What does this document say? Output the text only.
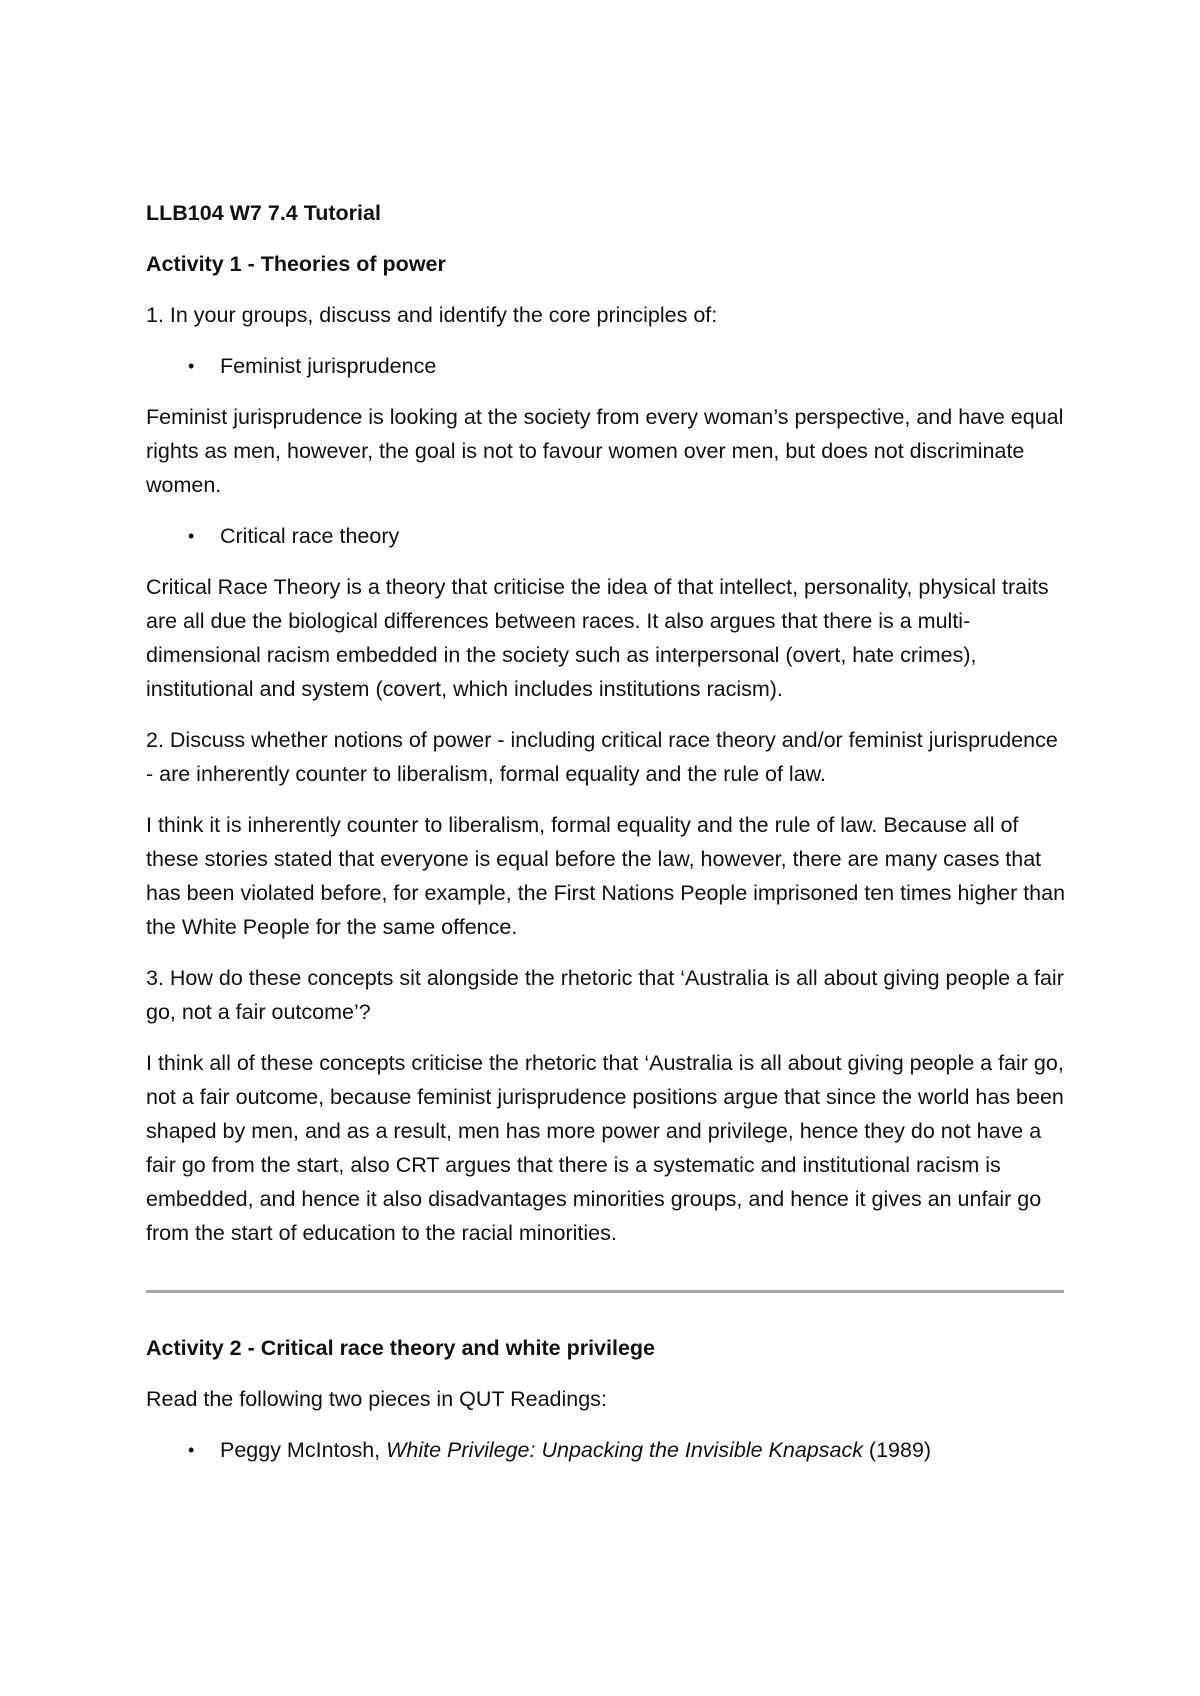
LLB104 W7 7.4 Tutorial

Activity 1 - Theories of power

1. In your groups, discuss and identify the core principles of:

• Feminist jurisprudence

Feminist jurisprudence is looking at the society from every woman’s perspective, and have equal rights as men, however, the goal is not to favour women over men, but does not discriminate women.

• Critical race theory

Critical Race Theory is a theory that criticise the idea of that intellect, personality, physical traits are all due the biological differences between races. It also argues that there is a multi-dimensional racism embedded in the society such as interpersonal (overt, hate crimes), institutional and system (covert, which includes institutions racism).

2. Discuss whether notions of power - including critical race theory and/or feminist jurisprudence - are inherently counter to liberalism, formal equality and the rule of law.

I think it is inherently counter to liberalism, formal equality and the rule of law. Because all of these stories stated that everyone is equal before the law, however, there are many cases that has been violated before, for example, the First Nations People imprisoned ten times higher than the White People for the same offence.

3. How do these concepts sit alongside the rhetoric that ‘Australia is all about giving people a fair go, not a fair outcome’?

I think all of these concepts criticise the rhetoric that ‘Australia is all about giving people a fair go, not a fair outcome, because feminist jurisprudence positions argue that since the world has been shaped by men, and as a result, men has more power and privilege, hence they do not have a fair go from the start, also CRT argues that there is a systematic and institutional racism is embedded, and hence it also disadvantages minorities groups, and hence it gives an unfair go from the start of education to the racial minorities.

Activity 2 - Critical race theory and white privilege

Read the following two pieces in QUT Readings:

• Peggy McIntosh, White Privilege: Unpacking the Invisible Knapsack (1989)
